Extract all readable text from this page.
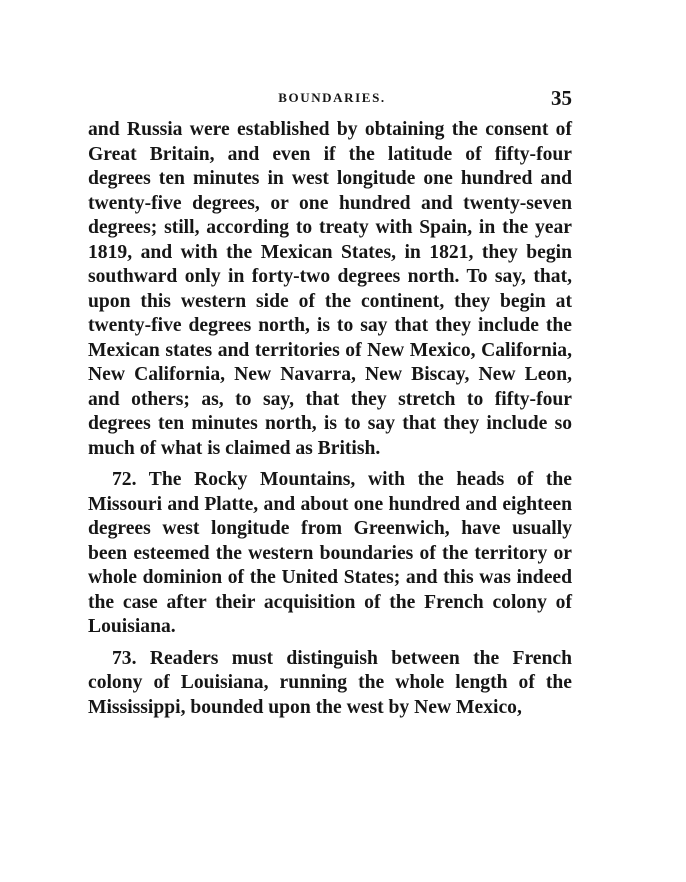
BOUNDARIES.	35

and Russia were established by obtaining the consent of Great Britain, and even if the latitude of fifty-four degrees ten minutes in west longitude one hundred and twenty-five degrees, or one hundred and twenty-seven degrees; still, according to treaty with Spain, in the year 1819, and with the Mexican States, in 1821, they begin southward only in forty-two degrees north. To say, that, upon this western side of the continent, they begin at twenty-five degrees north, is to say that they include the Mexican states and territories of New Mexico, California, New California, New Navarra, New Biscay, New Leon, and others; as, to say, that they stretch to fifty-four degrees ten minutes north, is to say that they include so much of what is claimed as British.

72. The Rocky Mountains, with the heads of the Missouri and Platte, and about one hundred and eighteen degrees west longitude from Greenwich, have usually been esteemed the western boundaries of the territory or whole dominion of the United States; and this was indeed the case after their acquisition of the French colony of Louisiana.

73. Readers must distinguish between the French colony of Louisiana, running the whole length of the Mississippi, bounded upon the west by New Mexico,
